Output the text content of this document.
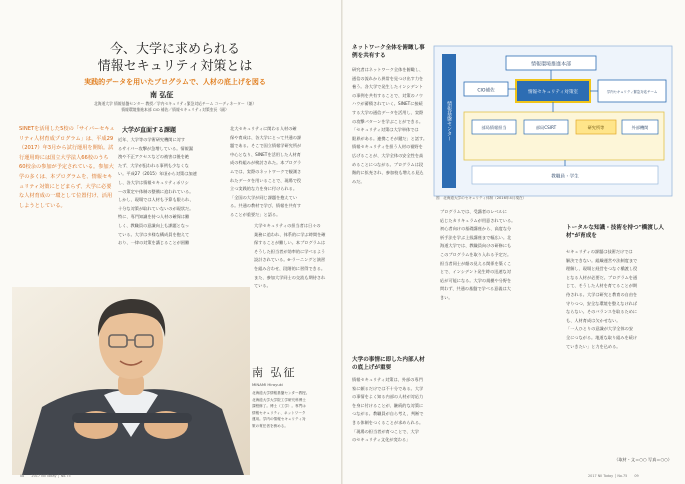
今、大学に求められる
情報セキュリティ対策とは
実践的データを用いたプログラムで、人材の底上げを図る
南 弘征
北海道大学 情報基盤センター 教授／学内セキュリティ緊急対応チーム コーディネーター（兼）
情報環境推進本部 CIO 補佐／情報セキュリティ対策室長（副）
SINETを活用した5校の「サイバーセキュ
リティ人材育成プログラム」は、平成29
（2017）年3月から試行運用を開始。試
行運用時には国立大学法人66校のうち
60校余の参加が予定されている。参加大
学の多くは、本プログラムを、情報セキ
ュリティ対策にとどまらず、大学に必要
な人材育成の一環として位置付け、活用
しようとしている。
大学が直面する課題
近年、大学等の学術研究機関に対す
るサイバー攻撃が急増している。情報漏
洩や不正アクセスなどの被害は後を絶
たず、大学が狙われる事例も少なくな
い。平成27（2015）年頃から対策は加速
し、各大学は情報セキュリティポリシ
ーの策定や体制の整備に追われている。
しかし、現場では人材も予算も限られ、
十分な対策が取れていないのが現状だ。
特に、専門知識を持つ人材の確保は難
しく、教職員の意識向上も課題となっ
ている。大学は多様な構成員を抱えて
おり、一律の対策を講じることが困難
北大セキュリティに関わる人材の確
保や育成は、各大学にとって共通の課
題である。そこで国立情報学研究所が
中心となり、SINETを活用した人材育
成の枠組みが検討された。本プログラ
ムでは、実際のネットワークで観測さ
れたデータを用いることで、現場で役
立つ実践的な力を身に付けられる。
「全国の大学が同じ課題を抱えてい
る。共通の教材で学び、情報を共有す
ることが重要だ」と語る。
大学セキュリティの担当者は日々の
業務に追われ、体系的に学ぶ時間を確
保することが難しい。本プログラムは
そうした担当者が効率的に学べるよう
設計されている。e-ラーニングと演習
を組み合わせ、段階的に習得できる。
また、参加大学同士の交流も期待され
ている。
南 弘征
MINAMI Hiroyuki
北海道大学情報基盤センター教授。
北海道大学大学院工学研究科博士
課程修了。博士（工学）。専門は
情報セキュリティ、ネットワーク
運用。学内の情報セキュリティ対
策の責任者を務める。
08 2017 NII Today │ No.75
ネットワーク全体を俯瞰し事例を共有する
研究者はネットワーク全体を俯瞰し、
通信の流れから異常を見つけ出す力を
養う。各大学で発生したインシデント
の事例を共有することで、対策のノウ
ハウが蓄積されていく。SINETに接続
する大学の通信データを活用し、実際
の攻撃パターンを学ぶことができる。
「セキュリティ対策は大学単体では
限界がある。連携こそが鍵だ」と話す。
情報セキュリティを担う人材の裾野を
広げることが、大学全体の安全性を高
めることにつながる。プログラムは段
階的に拡充され、参加校も増える見込
みだ。
大学の事情に即した内部人材の底上げが重要
情報セキュリティ対策は、外部の専門
家に頼るだけでは不十分である。大学
の事情をよく知る内部の人材が対応力
を身に付けることが、継続的な対策に
つながる。教職員が自ら考え、判断で
きる体制をつくることが求められる。
「現場の担当者が育つことで、大学
のセキュリティ文化が変わる」
情報基盤センター
情報環境推進本部
CIO補佐	情報セキュリティ対策室	学内セキュリティ緊急対応チーム
部局情報担当	部局CSIRT	研究所等	外部機関
教職員・学生
図　北海道大学のセキュリティ体制（2016年4月現在）
プログラムでは、受講者のレベルに
応じたカリキュラムが用意されている。
初心者向けの基礎講座から、高度な分
析手法を学ぶ上級講座まで幅広い。北
海道大学では、教職員向けの研修にも
このプログラムを取り入れる予定だ。
担当者同士が顔の見える関係を築くこ
とで、インシデント発生時の迅速な対
応が可能になる。大学の規模や分野を
問わず、共通の基盤で学べる意義は大
きい。
トータルな知識・技術を持つ"橋渡し人材"が育成を
セキュリティの課題は技術だけでは
解決できない。組織運営や法制度まで
理解し、現場と経営をつなぐ橋渡し役
となる人材が必要だ。プログラムを通
じて、そうした人材を育てることが期
待される。大学は研究と教育の自由を
守りつつ、安全な環境を整えなければ
ならない。そのバランスを取るために
も、人材育成は欠かせない。
「一人ひとりの意識が大学全体の安
全につながる。地道な取り組みを続け
ていきたい」と力を込める。
（取材・文＝○○ 写真＝○○）
2017 NII Today │ No.75 09
